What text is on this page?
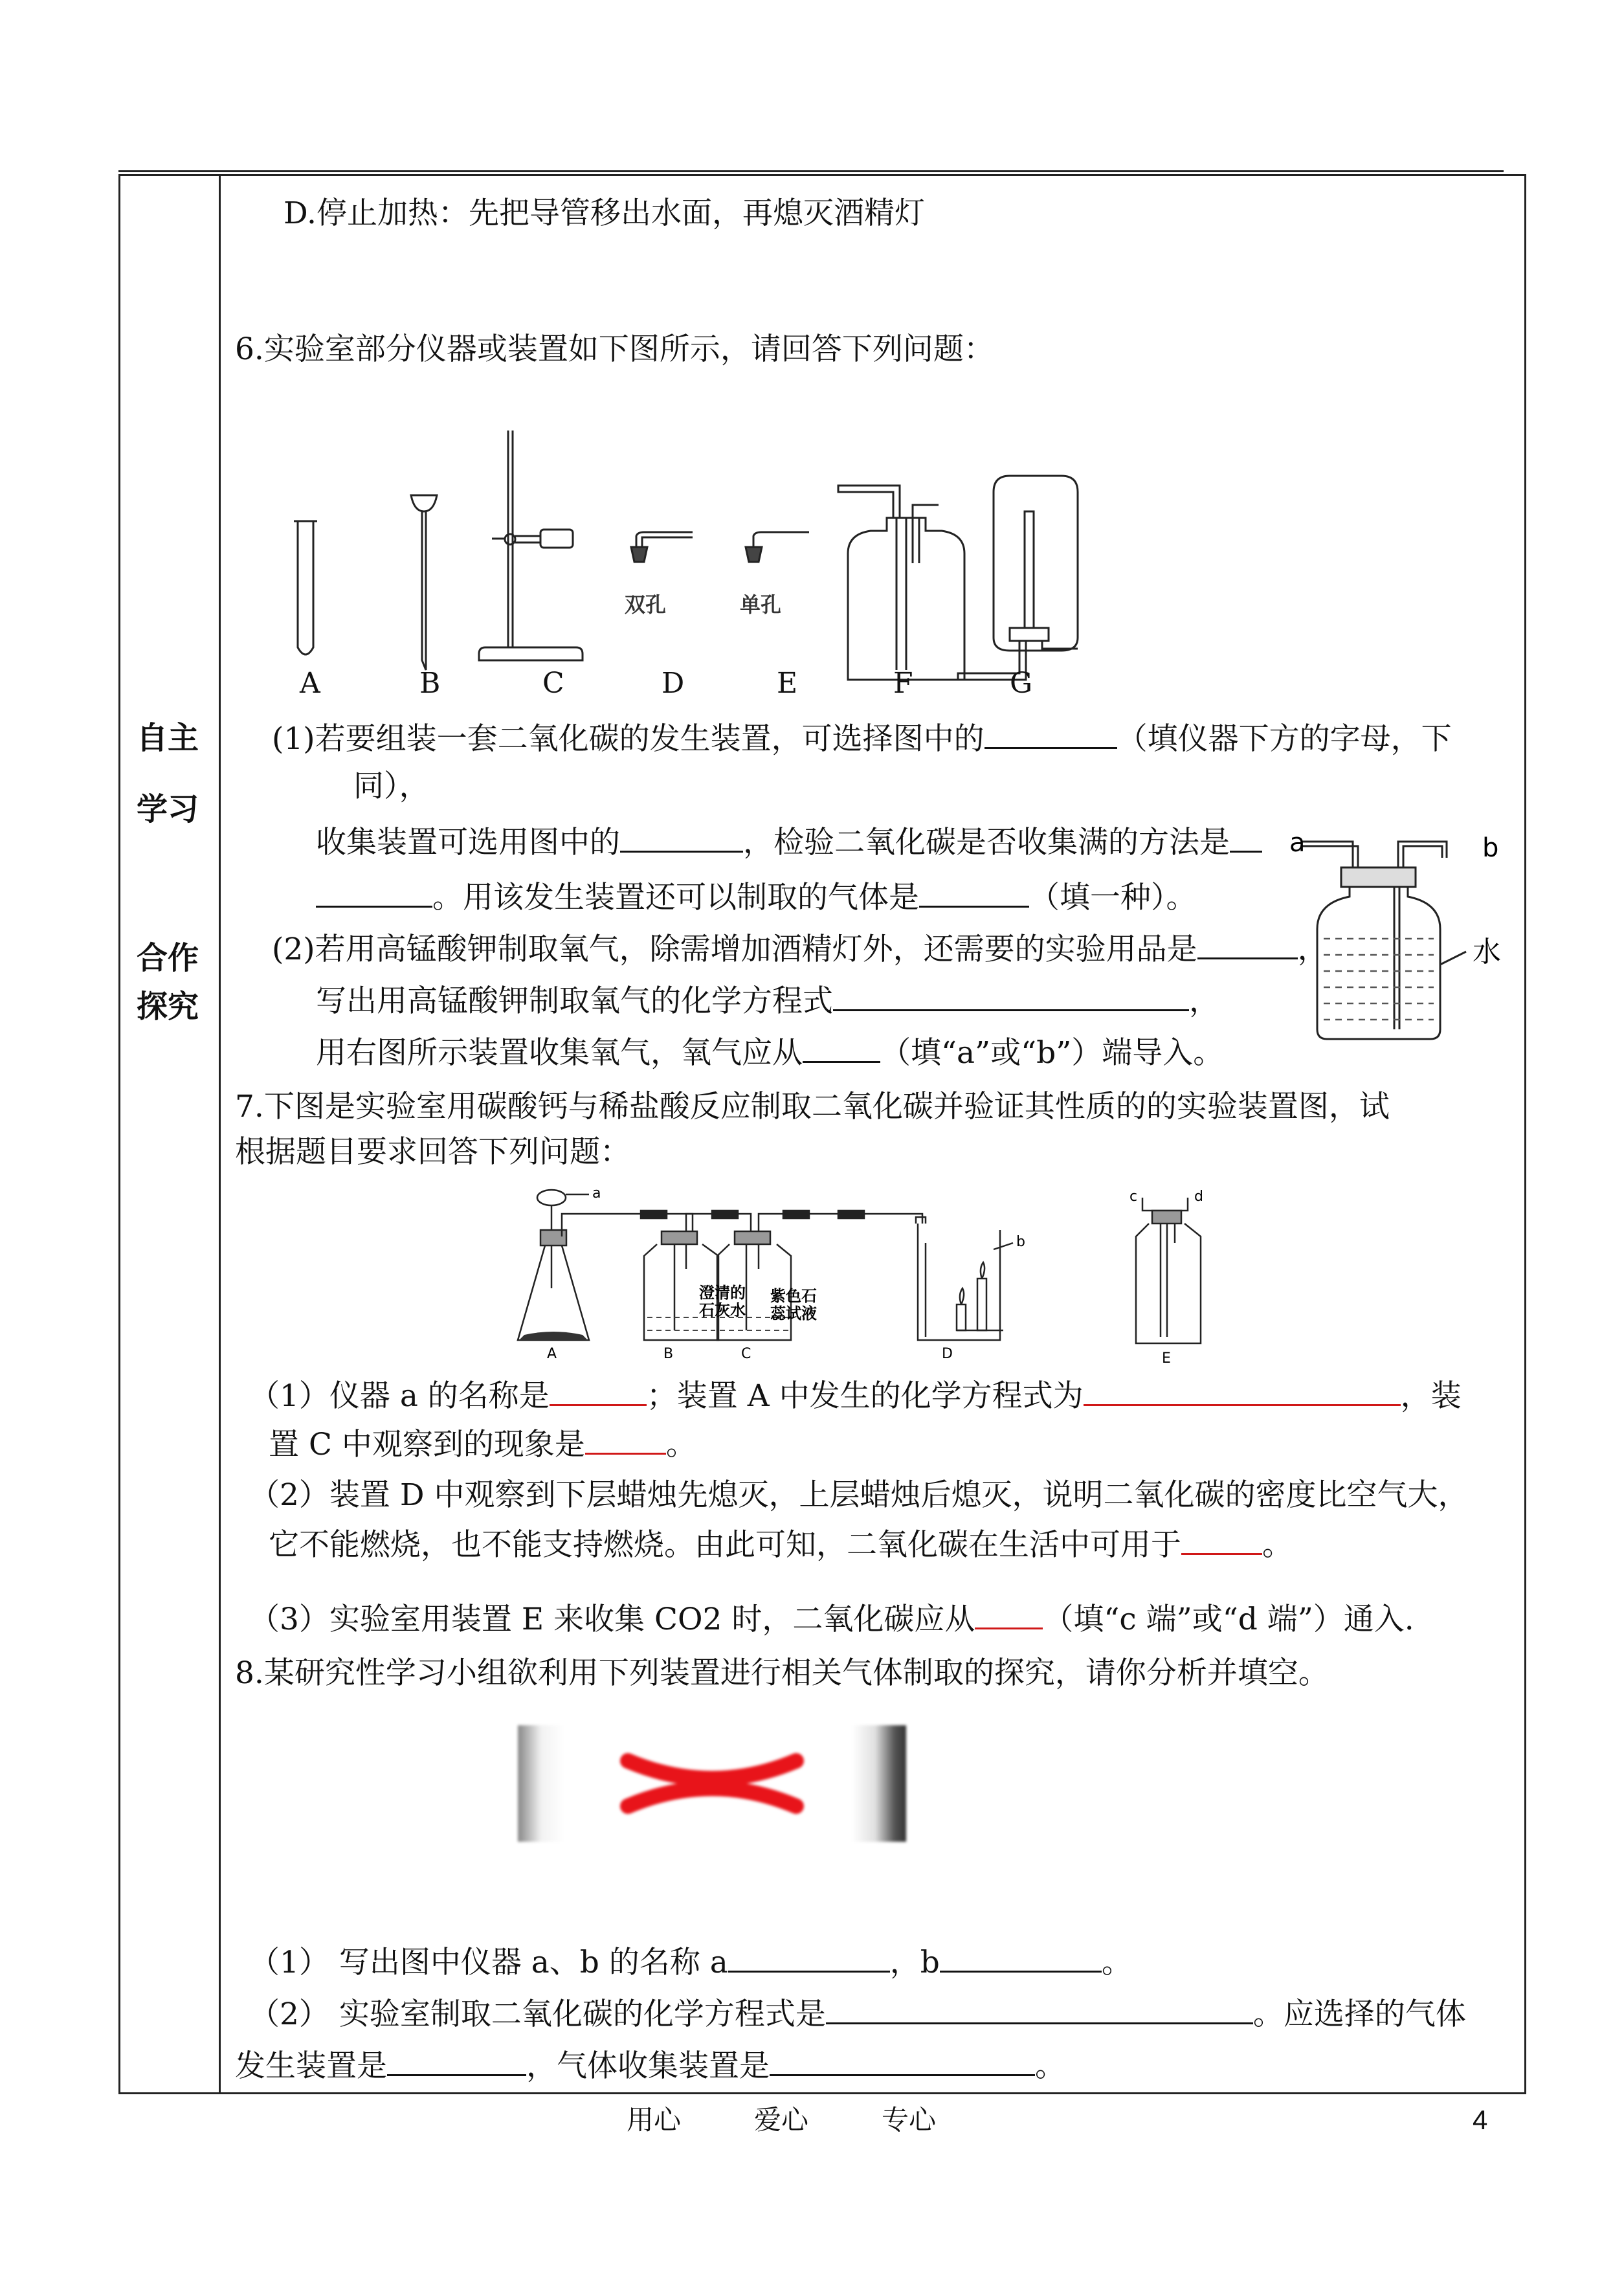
自主
学习
合作
探究
D.停止加热：先把导管移出水面，再熄灭酒精灯
6.实验室部分仪器或装置如下图所示，请回答下列问题：
双孔	单孔
A	B	C	D	E	F	G
(1)若要组装一套二氧化碳的发生装置，可选择图中的	（填仪器下方的字母，下
同），
收集装置可选用图中的	，检验二氧化碳是否收集满的方法是
。用该发生装置还可以制取的气体是	（填一种）。
(2)若用高锰酸钾制取氧气，除需增加酒精灯外，还需要的实验用品是	，
写出用高锰酸钾制取氧气的化学方程式	，
用右图所示装置收集氧气，氧气应从	（填“a”或“b”）端导入。
a	b
水
7.下图是实验室用碳酸钙与稀盐酸反应制取二氧化碳并验证其性质的的实验装置图，试
根据题目要求回答下列问题：
a
b
c	d
澄清的
石灰水
紫色石
蕊试液
A	B	C	D	E
（1）仪器 a 的名称是	；装置 A 中发生的化学方程式为	，装
置 C 中观察到的现象是	。
（2）装置 D 中观察到下层蜡烛先熄灭，上层蜡烛后熄灭，说明二氧化碳的密度比空气大，
它不能燃烧，也不能支持燃烧。由此可知，二氧化碳在生活中可用于	。
（3）实验室用装置 E 来收集 CO2 时，二氧化碳应从 （填“c 端”或“d 端”）通入.
8.某研究性学习小组欲利用下列装置进行相关气体制取的探究，请你分析并填空。
（1） 写出图中仪器 a、b 的名称 a	，b	。
（2） 实验室制取二氧化碳的化学方程式是	。应选择的气体
发生装置是	，气体收集装置是	。
用心	爱心	专心	4
